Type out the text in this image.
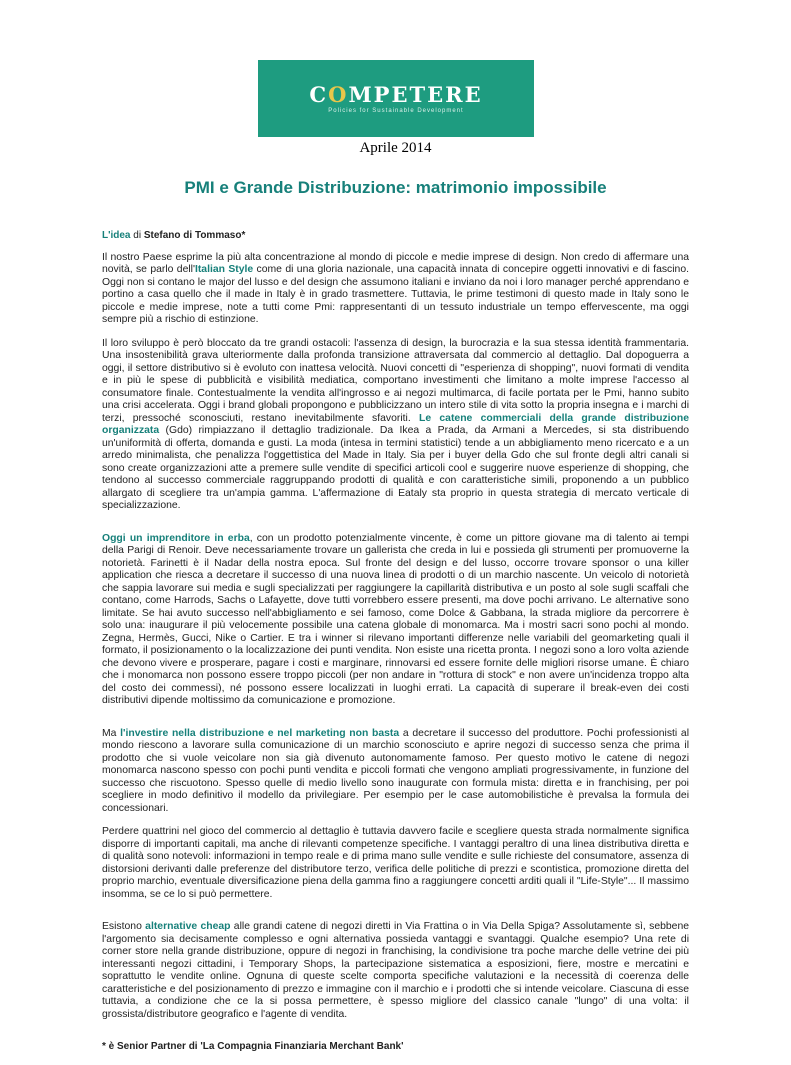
COMPETERE
Policies for Sustainable Development
Aprile 2014
PMI e Grande Distribuzione: matrimonio impossibile

L'idea di Stefano di Tommaso*

Il nostro Paese esprime la più alta concentrazione al mondo di piccole e medie imprese di design. Non credo di affermare una novità, se parlo dell'Italian Style come di una gloria nazionale, una capacità innata di concepire oggetti innovativi e di fascino. Oggi non si contano le major del lusso e del design che assumono italiani e inviano da noi i loro manager perché apprendano e portino a casa quello che il made in Italy è in grado trasmettere. Tuttavia, le prime testimoni di questo made in Italy sono le piccole e medie imprese, note a tutti come Pmi: rappresentanti di un tessuto industriale un tempo effervescente, ma oggi sempre più a rischio di estinzione.

Il loro sviluppo è però bloccato da tre grandi ostacoli: l'assenza di design, la burocrazia e la sua stessa identità frammentaria. Una insostenibilità grava ulteriormente dalla profonda transizione attraversata dal commercio al dettaglio. Dal dopoguerra a oggi, il settore distributivo si è evoluto con inattesa velocità. Nuovi concetti di "esperienza di shopping", nuovi formati di vendita e in più le spese di pubblicità e visibilità mediatica, comportano investimenti che limitano a molte imprese l'accesso al consumatore finale. Contestualmente la vendita all'ingrosso e ai negozi multimarca, di facile portata per le Pmi, hanno subito una crisi accelerata. Oggi i brand globali propongono e pubblicizzano un intero stile di vita sotto la propria insegna e i marchi di terzi, pressoché sconosciuti, restano inevitabilmente sfavoriti. Le catene commerciali della grande distribuzione organizzata (Gdo) rimpiazzano il dettaglio tradizionale. Da Ikea a Prada, da Armani a Mercedes, si sta distribuendo un'uniformità di offerta, domanda e gusti. La moda (intesa in termini statistici) tende a un abbigliamento meno ricercato e a un arredo minimalista, che penalizza l'oggettistica del Made in Italy. Sia per i buyer della Gdo che sul fronte degli altri canali si sono create organizzazioni atte a premere sulle vendite di specifici articoli cool e suggerire nuove esperienze di shopping, che tendono al successo commerciale raggruppando prodotti di qualità e con caratteristiche simili, proponendo a un pubblico allargato di scegliere tra un'ampia gamma. L'affermazione di Eataly sta proprio in questa strategia di mercato verticale di specializzazione.

Oggi un imprenditore in erba, con un prodotto potenzialmente vincente, è come un pittore giovane ma di talento ai tempi della Parigi di Renoir. Deve necessariamente trovare un gallerista che creda in lui e possieda gli strumenti per promuoverne la notorietà. Farinetti è il Nadar della nostra epoca. Sul fronte del design e del lusso, occorre trovare sponsor o una killer application che riesca a decretare il successo di una nuova linea di prodotti o di un marchio nascente. Un veicolo di notorietà che sappia lavorare sui media e sugli specializzati per raggiungere la capillarità distributiva e un posto al sole sugli scaffali che contano, come Harrods, Sachs o Lafayette, dove tutti vorrebbero essere presenti, ma dove pochi arrivano. Le alternative sono limitate. Se hai avuto successo nell'abbigliamento e sei famoso, come Dolce & Gabbana, la strada migliore da percorrere è solo una: inaugurare il più velocemente possibile una catena globale di monomarca. Ma i mostri sacri sono pochi al mondo. Zegna, Hermès, Gucci, Nike o Cartier. E tra i winner si rilevano importanti differenze nelle variabili del geomarketing quali il formato, il posizionamento o la localizzazione dei punti vendita. Non esiste una ricetta pronta. I negozi sono a loro volta aziende che devono vivere e prosperare, pagare i costi e marginare, rinnovarsi ed essere fornite delle migliori risorse umane. È chiaro che i monomarca non possono essere troppo piccoli (per non andare in "rottura di stock" e non avere un'incidenza troppo alta del costo dei commessi), né possono essere localizzati in luoghi errati. La capacità di superare il break-even dei costi distributivi dipende moltissimo da comunicazione e promozione.

Ma l'investire nella distribuzione e nel marketing non basta a decretare il successo del produttore. Pochi professionisti al mondo riescono a lavorare sulla comunicazione di un marchio sconosciuto e aprire negozi di successo senza che prima il prodotto che si vuole veicolare non sia già divenuto autonomamente famoso. Per questo motivo le catene di negozi monomarca nascono spesso con pochi punti vendita e piccoli formati che vengono ampliati progressivamente, in funzione del successo che riscuotono. Spesso quelle di medio livello sono inaugurate con formula mista: diretta e in franchising, per poi scegliere in modo definitivo il modello da privilegiare. Per esempio per le case automobilistiche è prevalsa la formula dei concessionari.

Perdere quattrini nel gioco del commercio al dettaglio è tuttavia davvero facile e scegliere questa strada normalmente significa disporre di importanti capitali, ma anche di rilevanti competenze specifiche. I vantaggi peraltro di una linea distributiva diretta e di qualità sono notevoli: informazioni in tempo reale e di prima mano sulle vendite e sulle richieste del consumatore, assenza di distorsioni derivanti dalle preferenze del distributore terzo, verifica delle politiche di prezzi e scontistica, promozione diretta del proprio marchio, eventuale diversificazione piena della gamma fino a raggiungere concetti arditi quali il "Life-Style"... Il massimo insomma, se ce lo si può permettere.

Esistono alternative cheap alle grandi catene di negozi diretti in Via Frattina o in Via Della Spiga? Assolutamente sì, sebbene l'argomento sia decisamente complesso e ogni alternativa possieda vantaggi e svantaggi. Qualche esempio? Una rete di corner store nella grande distribuzione, oppure di negozi in franchising, la condivisione tra poche marche delle vetrine dei più interessanti negozi cittadini, i Temporary Shops, la partecipazione sistematica a esposizioni, fiere, mostre e mercatini e soprattutto le vendite online. Ognuna di queste scelte comporta specifiche valutazioni e la necessità di coerenza delle caratteristiche e del posizionamento di prezzo e immagine con il marchio e i prodotti che si intende veicolare. Ciascuna di esse tuttavia, a condizione che ce la si possa permettere, è spesso migliore del classico canale "lungo" di una volta: il grossista/distributore geografico e l'agente di vendita.

* è Senior Partner di 'La Compagnia Finanziaria Merchant Bank'
